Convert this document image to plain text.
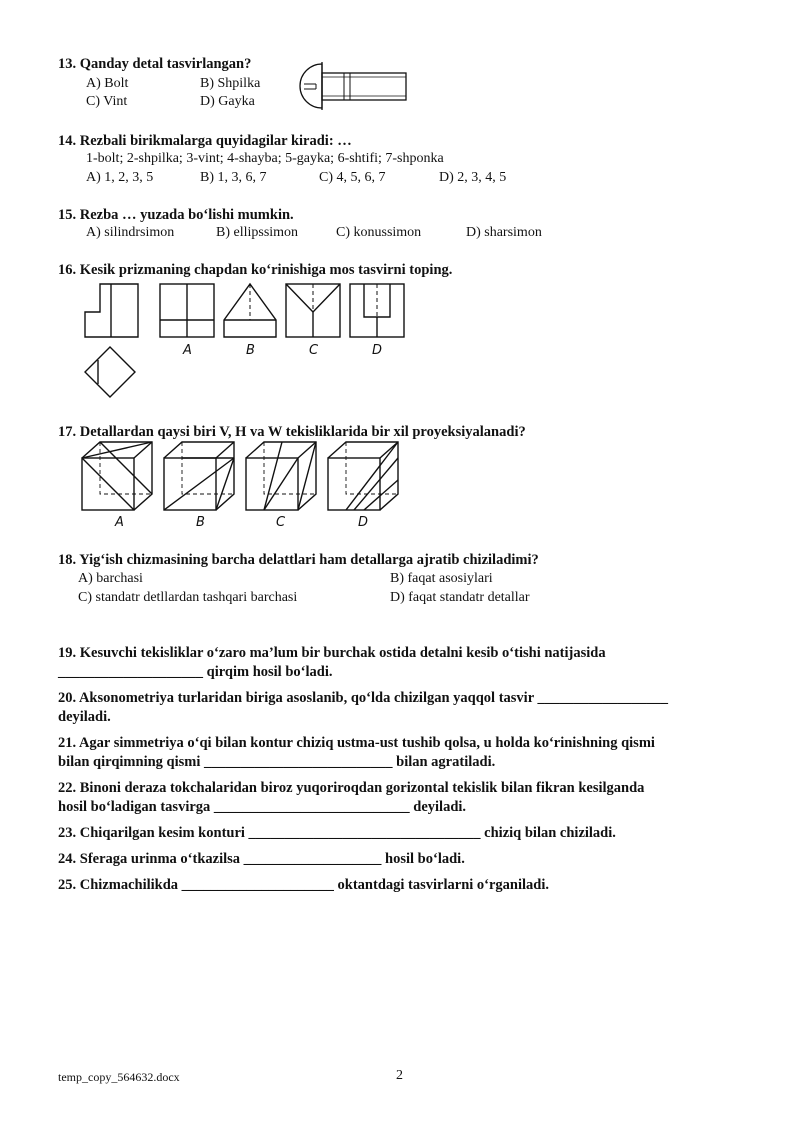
13. Qanday detal tasvirlangan?
A) Bolt	B) Shpilka
C) Vint	D) Gayka
14. Rezbali birikmalarga quyidagilar kiradi: …
1-bolt; 2-shpilka; 3-vint; 4-shayba; 5-gayka; 6-shtifi; 7-shponka
A) 1, 2, 3, 5	B) 1, 3, 6, 7	C) 4, 5, 6, 7	D) 2, 3, 4, 5
15. Rezba … yuzada bo‘lishi mumkin.
A) silindrsimon	B) ellipssimon	C) konussimon	D) sharsimon
16. Kesik prizmaning chapdan ko‘rinishiga mos tasvirni toping.
A	B	C	D
17. Detallardan qaysi biri V, H va W tekisliklarida bir xil proyeksiyalanadi?
A	B	C	D
18. Yig‘ish chizmasining barcha delattlari ham detallarga ajratib chiziladimi?
A) barchasi	B) faqat asosiylari
C) standatr detllardan tashqari barchasi	D) faqat standatr detallar
19. Kesuvchi tekisliklar o‘zaro ma’lum bir burchak ostida detalni kesib o‘tishi natijasida
____________________ qirqim hosil bo‘ladi.
20. Aksonometriya turlaridan biriga asoslanib, qo‘lda chizilgan yaqqol tasvir __________________
deyiladi.
21. Agar simmetriya o‘qi bilan kontur chiziq ustma-ust tushib qolsa, u holda ko‘rinishning qismi
bilan qirqimning qismi __________________________ bilan agratiladi.
22. Binoni deraza tokchalaridan biroz yuqoriroqdan gorizontal tekislik bilan fikran kesilganda
hosil bo‘ladigan tasvirga ___________________________ deyiladi.
23. Chiqarilgan kesim konturi ________________________________ chiziq bilan chiziladi.
24. Sferaga urinma o‘tkazilsa ___________________ hosil bo‘ladi.
25. Chizmachilikda _____________________ oktantdagi tasvirlarni o‘rganiladi.
temp_copy_564632.docx	2
